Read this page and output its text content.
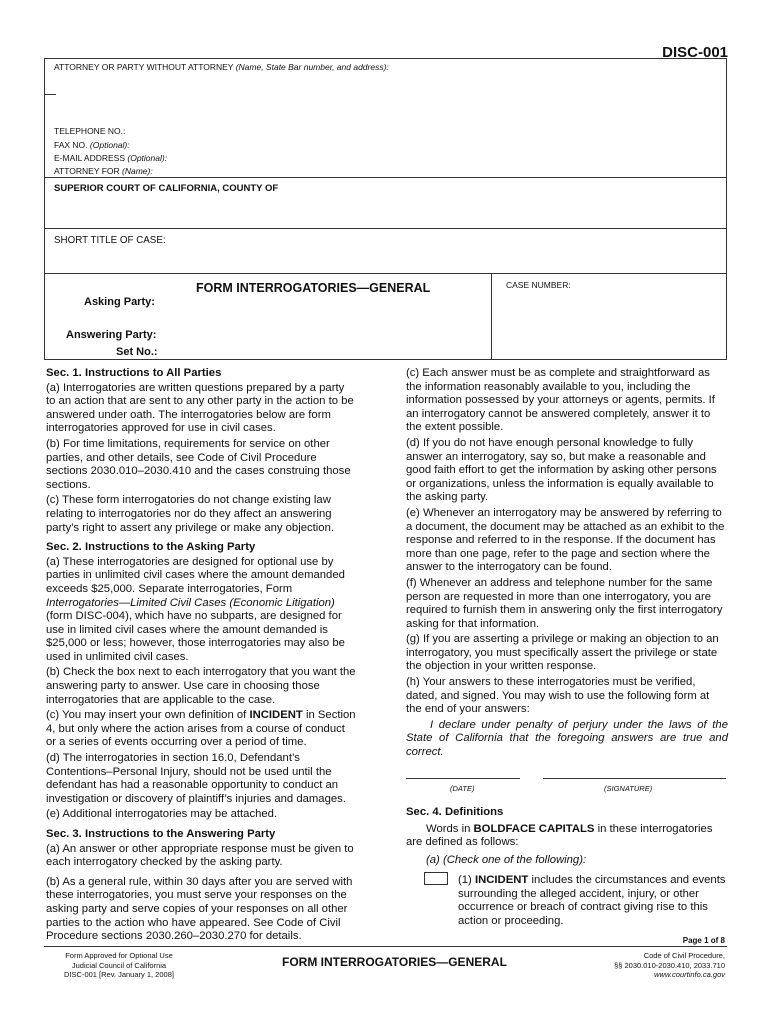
DISC-001
ATTORNEY OR PARTY WITHOUT ATTORNEY (Name, State Bar number, and address):
TELEPHONE NO.:
FAX NO. (Optional):
E-MAIL ADDRESS (Optional):
ATTORNEY FOR (Name):
SUPERIOR COURT OF CALIFORNIA, COUNTY OF
SHORT TITLE OF CASE:
FORM INTERROGATORIES—GENERAL	CASE NUMBER:
Asking Party:
Answering Party:
Set No.:
Sec. 1. Instructions to All Parties

(a) Interrogatories are written questions prepared by a party to an action that are sent to any other party in the action to be answered under oath. The interrogatories below are form interrogatories approved for use in civil cases.

(b) For time limitations, requirements for service on other parties, and other details, see Code of Civil Procedure sections 2030.010–2030.410 and the cases construing those sections.

(c) These form interrogatories do not change existing law relating to interrogatories nor do they affect an answering party’s right to assert any privilege or make any objection.

Sec. 2. Instructions to the Asking Party

(a) These interrogatories are designed for optional use by parties in unlimited civil cases where the amount demanded exceeds $25,000. Separate interrogatories, Form Interrogatories—Limited Civil Cases (Economic Litigation) (form DISC-004), which have no subparts, are designed for use in limited civil cases where the amount demanded is $25,000 or less; however, those interrogatories may also be used in unlimited civil cases.

(b) Check the box next to each interrogatory that you want the answering party to answer. Use care in choosing those interrogatories that are applicable to the case.

(c) You may insert your own definition of INCIDENT in Section 4, but only where the action arises from a course of conduct or a series of events occurring over a period of time.

(d) The interrogatories in section 16.0, Defendant’s Contentions–Personal Injury, should not be used until the defendant has had a reasonable opportunity to conduct an investigation or discovery of plaintiff’s injuries and damages.

(e) Additional interrogatories may be attached.

Sec. 3. Instructions to the Answering Party

(a) An answer or other appropriate response must be given to each interrogatory checked by the asking party.

(b) As a general rule, within 30 days after you are served with these interrogatories, you must serve your responses on the asking party and serve copies of your responses on all other parties to the action who have appeared. See Code of Civil Procedure sections 2030.260–2030.270 for details.

(c) Each answer must be as complete and straightforward as the information reasonably available to you, including the information possessed by your attorneys or agents, permits. If an interrogatory cannot be answered completely, answer it to the extent possible.

(d) If you do not have enough personal knowledge to fully answer an interrogatory, say so, but make a reasonable and good faith effort to get the information by asking other persons or organizations, unless the information is equally available to the asking party.

(e) Whenever an interrogatory may be answered by referring to a document, the document may be attached as an exhibit to the response and referred to in the response. If the document has more than one page, refer to the page and section where the answer to the interrogatory can be found.

(f) Whenever an address and telephone number for the same person are requested in more than one interrogatory, you are required to furnish them in answering only the first interrogatory asking for that information.

(g) If you are asserting a privilege or making an objection to an interrogatory, you must specifically assert the privilege or state the objection in your written response.

(h) Your answers to these interrogatories must be verified, dated, and signed. You may wish to use the following form at the end of your answers:

I declare under penalty of perjury under the laws of the State of California that the foregoing answers are true and correct.

(DATE)	(SIGNATURE)
Sec. 4. Definitions

Words in BOLDFACE CAPITALS in these interrogatories are defined as follows:

(a) (Check one of the following):

(1) INCIDENT includes the circumstances and events surrounding the alleged accident, injury, or other occurrence or breach of contract giving rise to this action or proceeding.
Page 1 of 8
Form Approved for Optional Use
Judicial Council of California
DISC-001 [Rev. January 1, 2008]
FORM INTERROGATORIES—GENERAL	Code of Civil Procedure,
§§ 2030.010-2030.410, 2033.710
www.courtinfo.ca.gov
